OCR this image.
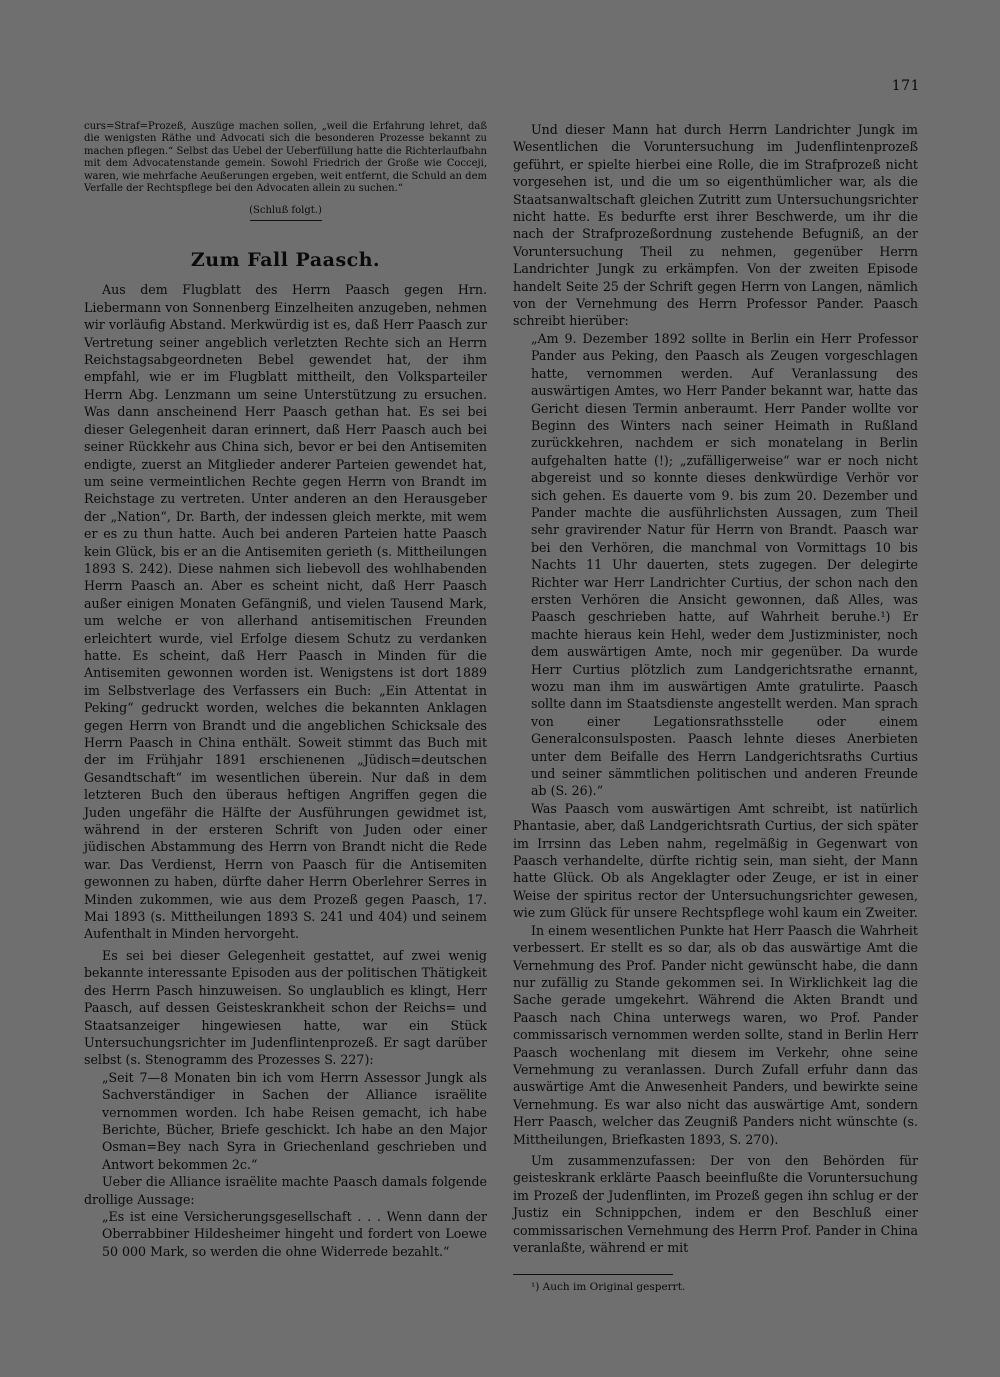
171

curs=Straf=Prozeß, Auszüge machen sollen, „weil die Erfahrung lehret, daß die wenigsten Räthe und Advocati sich die besonderen Prozesse bekannt zu machen pflegen.“ Selbst das Uebel der Ueberfüllung hatte die Richterlaufbahn mit dem Advocatenstande gemein. Sowohl Friedrich der Große wie Cocceji, waren, wie mehrfache Aeußerungen ergeben, weit entfernt, die Schuld an dem Verfalle der Rechtspflege bei den Advocaten allein zu suchen.“

(Schluß folgt.)
Zum Fall Paasch.

Aus dem Flugblatt des Herrn Paasch gegen Hrn. Liebermann von Sonnenberg Einzelheiten anzugeben, nehmen wir vorläufig Abstand. Merkwürdig ist es, daß Herr Paasch zur Vertretung seiner angeblich verletzten Rechte sich an Herrn Reichstagsabgeordneten Bebel gewendet hat, der ihm empfahl, wie er im Flugblatt mittheilt, den Volksparteiler Herrn Abg. Lenzmann um seine Unterstützung zu ersuchen. Was dann anscheinend Herr Paasch gethan hat. Es sei bei dieser Gelegenheit daran erinnert, daß Herr Paasch auch bei seiner Rückkehr aus China sich, bevor er bei den Antisemiten endigte, zuerst an Mitglieder anderer Parteien gewendet hat, um seine vermeintlichen Rechte gegen Herrn von Brandt im Reichstage zu vertreten. Unter anderen an den Herausgeber der „Nation“, Dr. Barth, der indessen gleich merkte, mit wem er es zu thun hatte. Auch bei anderen Parteien hatte Paasch kein Glück, bis er an die Antisemiten gerieth (s. Mittheilungen 1893 S. 242). Diese nahmen sich liebevoll des wohlhabenden Herrn Paasch an. Aber es scheint nicht, daß Herr Paasch außer einigen Monaten Gefängniß, und vielen Tausend Mark, um welche er von allerhand antisemitischen Freunden erleichtert wurde, viel Erfolge diesem Schutz zu verdanken hatte. Es scheint, daß Herr Paasch in Minden für die Antisemiten gewonnen worden ist. Wenigstens ist dort 1889 im Selbstverlage des Verfassers ein Buch: „Ein Attentat in Peking“ gedruckt worden, welches die bekannten Anklagen gegen Herrn von Brandt und die angeblichen Schicksale des Herrn Paasch in China enthält. Soweit stimmt das Buch mit der im Frühjahr 1891 erschienenen „Jüdisch=deutschen Gesandtschaft“ im wesentlichen überein. Nur daß in dem letzteren Buch den überaus heftigen Angriffen gegen die Juden ungefähr die Hälfte der Ausführungen gewidmet ist, während in der ersteren Schrift von Juden oder einer jüdischen Abstammung des Herrn von Brandt nicht die Rede war. Das Verdienst, Herrn von Paasch für die Antisemiten gewonnen zu haben, dürfte daher Herrn Oberlehrer Serres in Minden zukommen, wie aus dem Prozeß gegen Paasch, 17. Mai 1893 (s. Mittheilungen 1893 S. 241 und 404) und seinem Aufenthalt in Minden hervorgeht.

Es sei bei dieser Gelegenheit gestattet, auf zwei wenig bekannte interessante Episoden aus der politischen Thätigkeit des Herrn Pasch hinzuweisen. So unglaublich es klingt, Herr Paasch, auf dessen Geisteskrankheit schon der Reichs= und Staatsanzeiger hingewiesen hatte, war ein Stück Untersuchungsrichter im Judenflintenprozeß. Er sagt darüber selbst (s. Stenogramm des Prozesses S. 227):

„Seit 7—8 Monaten bin ich vom Herrn Assessor Jungk als Sachverständiger in Sachen der Alliance israëlite vernommen worden. Ich habe Reisen gemacht, ich habe Berichte, Bücher, Briefe geschickt. Ich habe an den Major Osman=Bey nach Syra in Griechenland geschrieben und Antwort bekommen 2c.“

Ueber die Alliance israëlite machte Paasch damals folgende drollige Aussage:

„Es ist eine Versicherungsgesellschaft . . . Wenn dann der Oberrabbiner Hildesheimer hingeht und fordert von Loewe 50 000 Mark, so werden die ohne Widerrede bezahlt.“

Und dieser Mann hat durch Herrn Landrichter Jungk im Wesentlichen die Voruntersuchung im Judenflintenprozeß geführt, er spielte hierbei eine Rolle, die im Strafprozeß nicht vorgesehen ist, und die um so eigenthümlicher war, als die Staatsanwaltschaft gleichen Zutritt zum Untersuchungsrichter nicht hatte. Es bedurfte erst ihrer Beschwerde, um ihr die nach der Strafprozeßordnung zustehende Befugniß, an der Voruntersuchung Theil zu nehmen, gegenüber Herrn Landrichter Jungk zu erkämpfen. Von der zweiten Episode handelt Seite 25 der Schrift gegen Herrn von Langen, nämlich von der Vernehmung des Herrn Professor Pander. Paasch schreibt hierüber:

„Am 9. Dezember 1892 sollte in Berlin ein Herr Professor Pander aus Peking, den Paasch als Zeugen vorgeschlagen hatte, vernommen werden. Auf Veranlassung des auswärtigen Amtes, wo Herr Pander bekannt war, hatte das Gericht diesen Termin anberaumt. Herr Pander wollte vor Beginn des Winters nach seiner Heimath in Rußland zurückkehren, nachdem er sich monatelang in Berlin aufgehalten hatte (!); „zufälligerweise“ war er noch nicht abgereist und so konnte dieses denkwürdige Verhör vor sich gehen. Es dauerte vom 9. bis zum 20. Dezember und Pander machte die ausführlichsten Aussagen, zum Theil sehr gravirender Natur für Herrn von Brandt. Paasch war bei den Verhören, die manchmal von Vormittags 10 bis Nachts 11 Uhr dauerten, stets zugegen. Der delegirte Richter war Herr Landrichter Curtius, der schon nach den ersten Verhören die Ansicht gewonnen, daß Alles, was Paasch geschrieben hatte, auf Wahrheit beruhe.¹) Er machte hieraus kein Hehl, weder dem Justizminister, noch dem auswärtigen Amte, noch mir gegenüber. Da wurde Herr Curtius plötzlich zum Landgerichtsrathe ernannt, wozu man ihm im auswärtigen Amte gratulirte. Paasch sollte dann im Staatsdienste angestellt werden. Man sprach von einer Legationsrathsstelle oder einem Generalconsulsposten. Paasch lehnte dieses Anerbieten unter dem Beifalle des Herrn Landgerichtsraths Curtius und seiner sämmtlichen politischen und anderen Freunde ab (S. 26).“

Was Paasch vom auswärtigen Amt schreibt, ist natürlich Phantasie, aber, daß Landgerichtsrath Curtius, der sich später im Irrsinn das Leben nahm, regelmäßig in Gegenwart von Paasch verhandelte, dürfte richtig sein, man sieht, der Mann hatte Glück. Ob als Angeklagter oder Zeuge, er ist in einer Weise der spiritus rector der Untersuchungsrichter gewesen, wie zum Glück für unsere Rechtspflege wohl kaum ein Zweiter.

In einem wesentlichen Punkte hat Herr Paasch die Wahrheit verbessert. Er stellt es so dar, als ob das auswärtige Amt die Vernehmung des Prof. Pander nicht gewünscht habe, die dann nur zufällig zu Stande gekommen sei. In Wirklichkeit lag die Sache gerade umgekehrt. Während die Akten Brandt und Paasch nach China unterwegs waren, wo Prof. Pander commissarisch vernommen werden sollte, stand in Berlin Herr Paasch wochenlang mit diesem im Verkehr, ohne seine Vernehmung zu veranlassen. Durch Zufall erfuhr dann das auswärtige Amt die Anwesenheit Panders, und bewirkte seine Vernehmung. Es war also nicht das auswärtige Amt, sondern Herr Paasch, welcher das Zeugniß Panders nicht wünschte (s. Mittheilungen, Briefkasten 1893, S. 270).

Um zusammenzufassen: Der von den Behörden für geisteskrank erklärte Paasch beeinflußte die Voruntersuchung im Prozeß der Judenflinten, im Prozeß gegen ihn schlug er der Justiz ein Schnippchen, indem er den Beschluß einer commissarischen Vernehmung des Herrn Prof. Pander in China veranlaßte, während er mit

¹) Auch im Original gesperrt.
